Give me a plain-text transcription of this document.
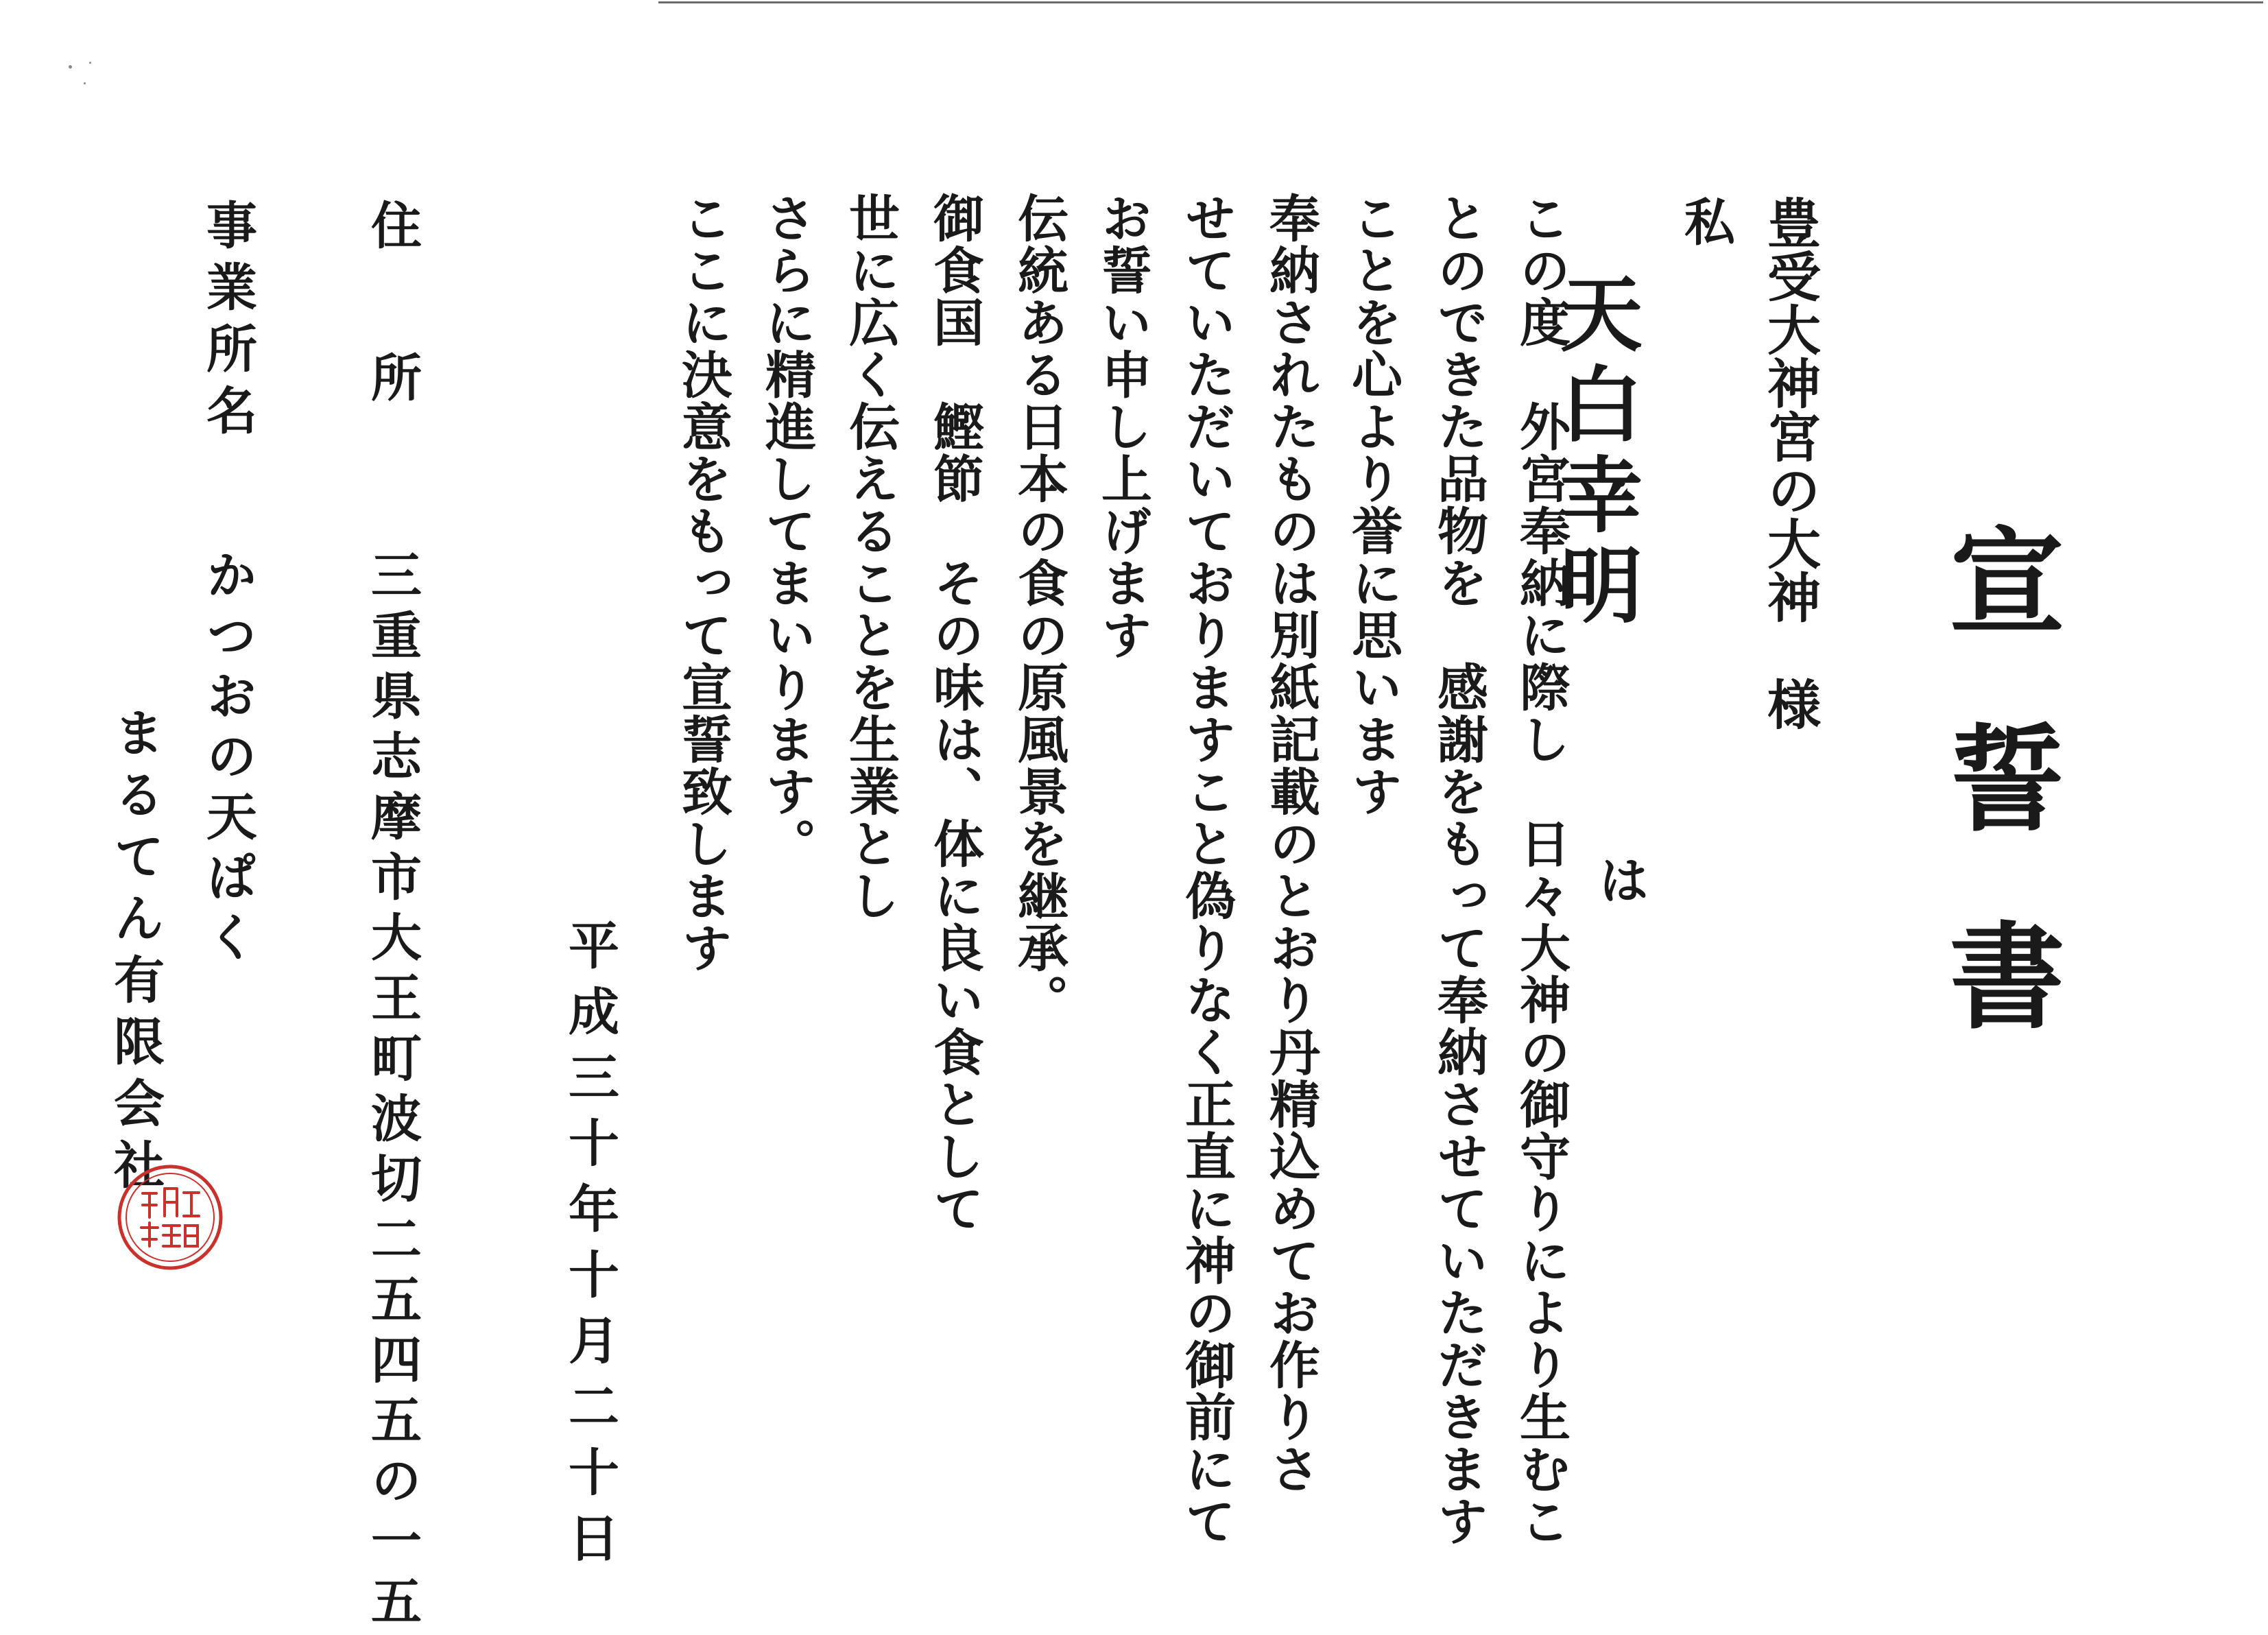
宣誓書
豊受大神宮の大神　様
私
天白幸明
は
この度　外宮奉納に際し　日々大神の御守りにより生むこ
とのできた品物を　感謝をもって奉納させていただきます
ことを心より誉に思います
奉納されたものは別紙記載のとおり丹精込めてお作りさ
せていただいておりますこと偽りなく正直に神の御前にて
お誓い申し上げます
伝統ある日本の食の原風景を継承。
御食国　鰹節　その味は、体に良い食として
世に広く伝えることを生業とし
さらに精進してまいります。
ここに決意をもって宣誓致します
平成三十年十月二十日
住　　所
三重県志摩市大王町波切二五四五の一五
事業所名
かつおの天ぱく
まるてん有限会社
